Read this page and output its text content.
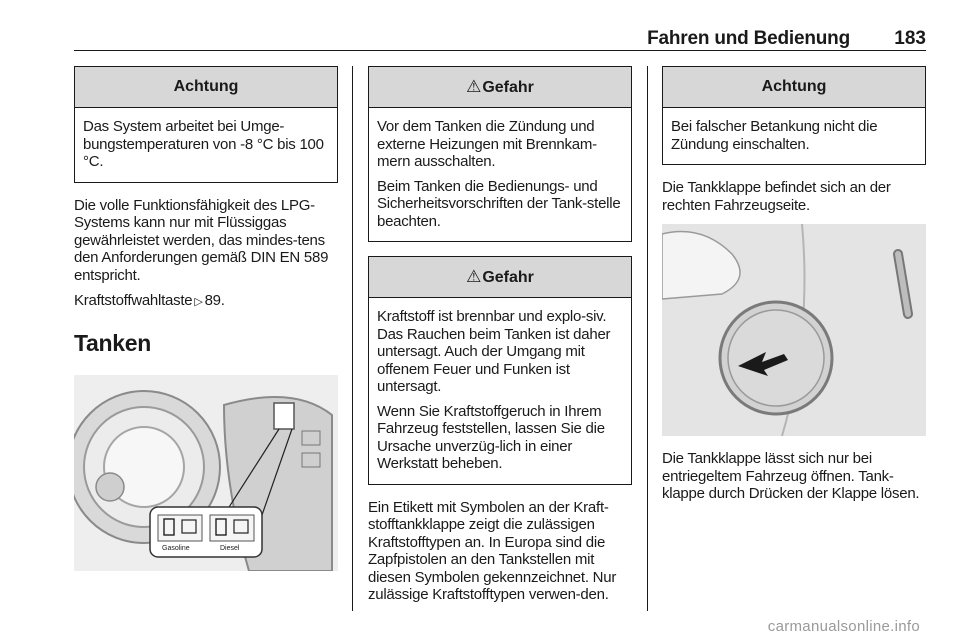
Fahren und Bedienung 183
Achtung

Das System arbeitet bei Umge-bungstemperaturen von -8 °C bis 100 °C.

Die volle Funktionsfähigkeit des LPG-Systems kann nur mit Flüssiggas gewährleistet werden, das mindes-tens den Anforderungen gemäß DIN EN 589 entspricht.

Kraftstoffwahltaste ▷ 89.

Tanken
Gasoline	Diesel
⚠Gefahr

Vor dem Tanken die Zündung und externe Heizungen mit Brennkam-mern ausschalten.

Beim Tanken die Bedienungs- und Sicherheitsvorschriften der Tank-stelle beachten.

⚠Gefahr

Kraftstoff ist brennbar und explo-siv. Das Rauchen beim Tanken ist daher untersagt. Auch der Umgang mit offenem Feuer und Funken ist untersagt.

Wenn Sie Kraftstoffgeruch in Ihrem Fahrzeug feststellen, lassen Sie die Ursache unverzüg-lich in einer Werkstatt beheben.

Ein Etikett mit Symbolen an der Kraft-stofftankklappe zeigt die zulässigen Kraftstofftypen an. In Europa sind die Zapfpistolen an den Tankstellen mit diesen Symbolen gekennzeichnet. Nur zulässige Kraftstofftypen verwen-den.

Achtung

Bei falscher Betankung nicht die Zündung einschalten.

Die Tankklappe befindet sich an der rechten Fahrzeugseite.

Die Tankklappe lässt sich nur bei entriegeltem Fahrzeug öffnen. Tank-klappe durch Drücken der Klappe lösen.

carmanualsonline.info
